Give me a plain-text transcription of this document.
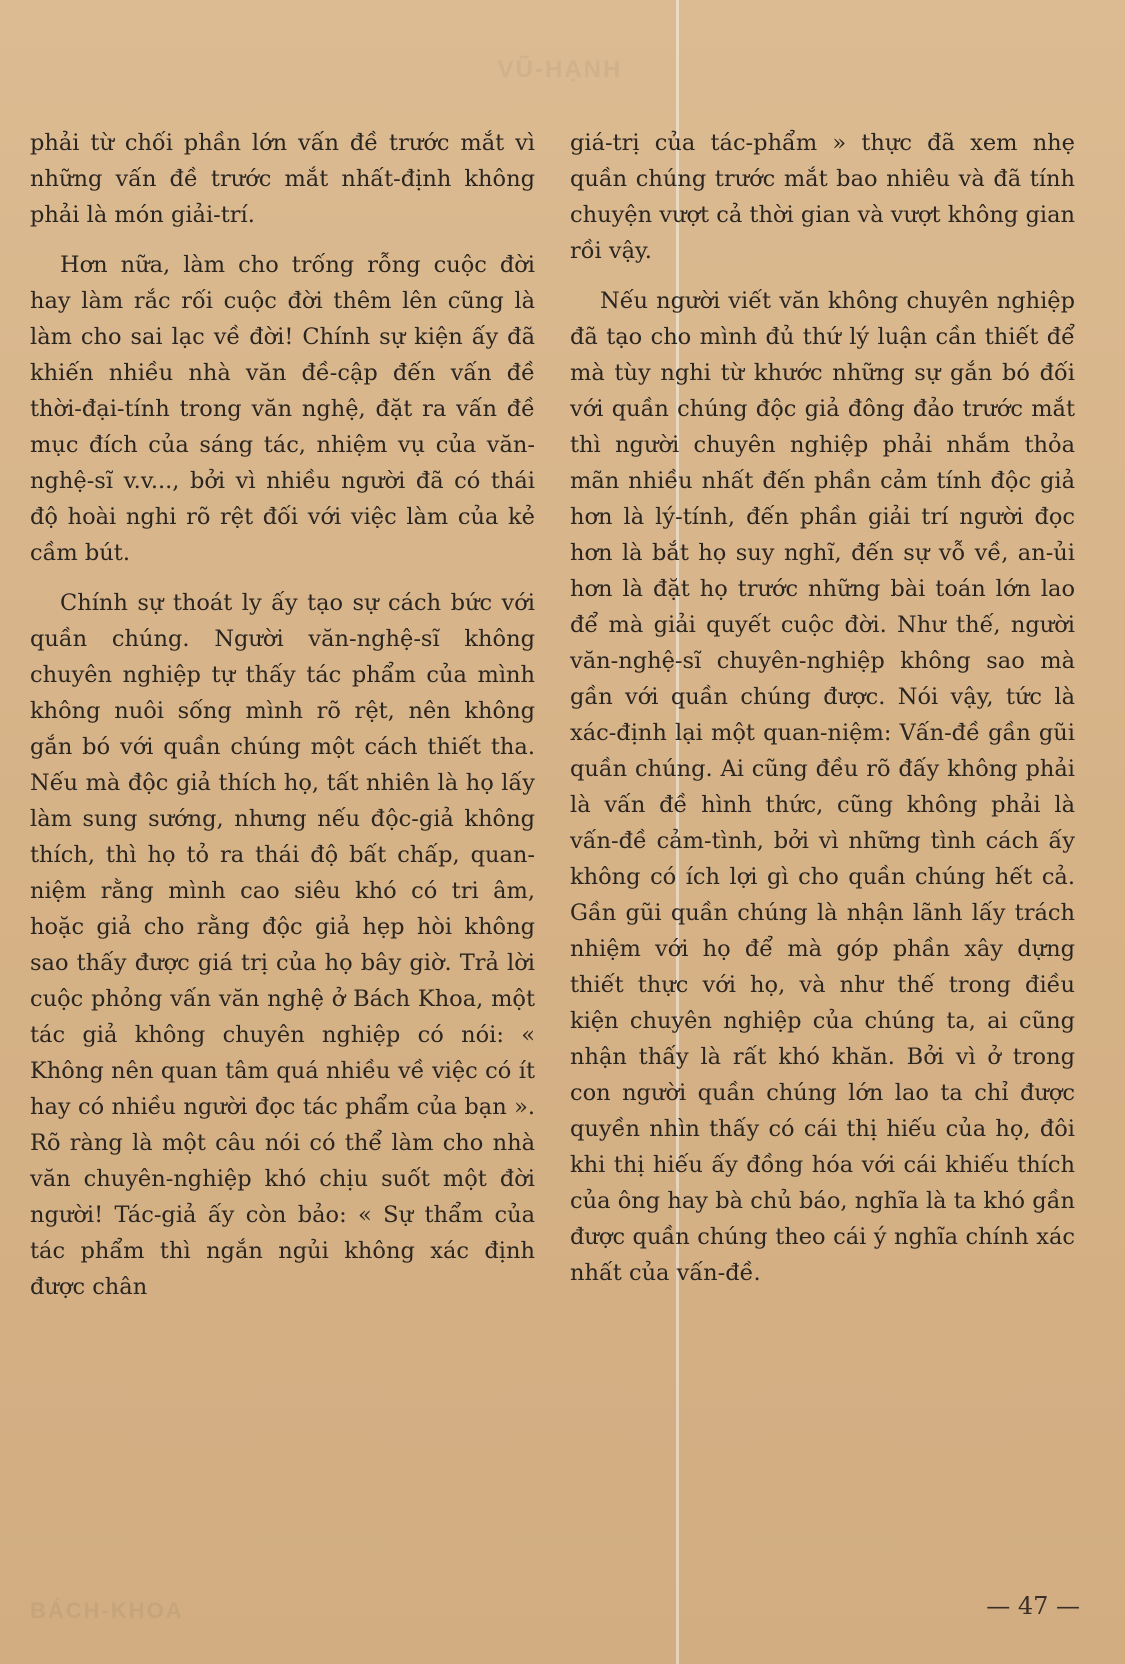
VŨ-HẠNH

phải từ chối phần lớn vấn đề trước mắt vì những vấn đề trước mắt nhất-định không phải là món giải-trí.

Hơn nữa, làm cho trống rỗng cuộc đời hay làm rắc rối cuộc đời thêm lên cũng là làm cho sai lạc về đời! Chính sự kiện ấy đã khiến nhiều nhà văn đề-cập đến vấn đề thời-đại-tính trong văn nghệ, đặt ra vấn đề mục đích của sáng tác, nhiệm vụ của văn-nghệ-sĩ v.v..., bởi vì nhiều người đã có thái độ hoài nghi rõ rệt đối với việc làm của kẻ cầm bút.

Chính sự thoát ly ấy tạo sự cách bức với quần chúng. Người văn-nghệ-sĩ không chuyên nghiệp tự thấy tác phẩm của mình không nuôi sống mình rõ rệt, nên không gắn bó với quần chúng một cách thiết tha. Nếu mà độc giả thích họ, tất nhiên là họ lấy làm sung sướng, nhưng nếu độc-giả không thích, thì họ tỏ ra thái độ bất chấp, quan-niệm rằng mình cao siêu khó có tri âm, hoặc giả cho rằng độc giả hẹp hòi không sao thấy được giá trị của họ bây giờ. Trả lời cuộc phỏng vấn văn nghệ ở Bách Khoa, một tác giả không chuyên nghiệp có nói: « Không nên quan tâm quá nhiều về việc có ít hay có nhiều người đọc tác phẩm của bạn ». Rõ ràng là một câu nói có thể làm cho nhà văn chuyên-nghiệp khó chịu suốt một đời người! Tác-giả ấy còn bảo: « Sự thẩm của tác phẩm thì ngắn ngủi không xác định được chân

giá-trị của tác-phẩm » thực đã xem nhẹ quần chúng trước mắt bao nhiêu và đã tính chuyện vượt cả thời gian và vượt không gian rồi vậy.

Nếu người viết văn không chuyên nghiệp đã tạo cho mình đủ thứ lý luận cần thiết để mà tùy nghi từ khước những sự gắn bó đối với quần chúng độc giả đông đảo trước mắt thì người chuyên nghiệp phải nhắm thỏa mãn nhiều nhất đến phần cảm tính độc giả hơn là lý-tính, đến phần giải trí người đọc hơn là bắt họ suy nghĩ, đến sự vỗ về, an-ủi hơn là đặt họ trước những bài toán lớn lao để mà giải quyết cuộc đời. Như thế, người văn-nghệ-sĩ chuyên-nghiệp không sao mà gần với quần chúng được. Nói vậy, tức là xác-định lại một quan-niệm: Vấn-đề gần gũi quần chúng. Ai cũng đều rõ đấy không phải là vấn đề hình thức, cũng không phải là vấn-đề cảm-tình, bởi vì những tình cách ấy không có ích lợi gì cho quần chúng hết cả. Gần gũi quần chúng là nhận lãnh lấy trách nhiệm với họ để mà góp phần xây dựng thiết thực với họ, và như thế trong điều kiện chuyên nghiệp của chúng ta, ai cũng nhận thấy là rất khó khăn. Bởi vì ở trong con người quần chúng lớn lao ta chỉ được quyền nhìn thấy có cái thị hiếu của họ, đôi khi thị hiếu ấy đồng hóa với cái khiếu thích của ông hay bà chủ báo, nghĩa là ta khó gần được quần chúng theo cái ý nghĩa chính xác nhất của vấn-đề.

BÁCH-KHOA	— 47 —
